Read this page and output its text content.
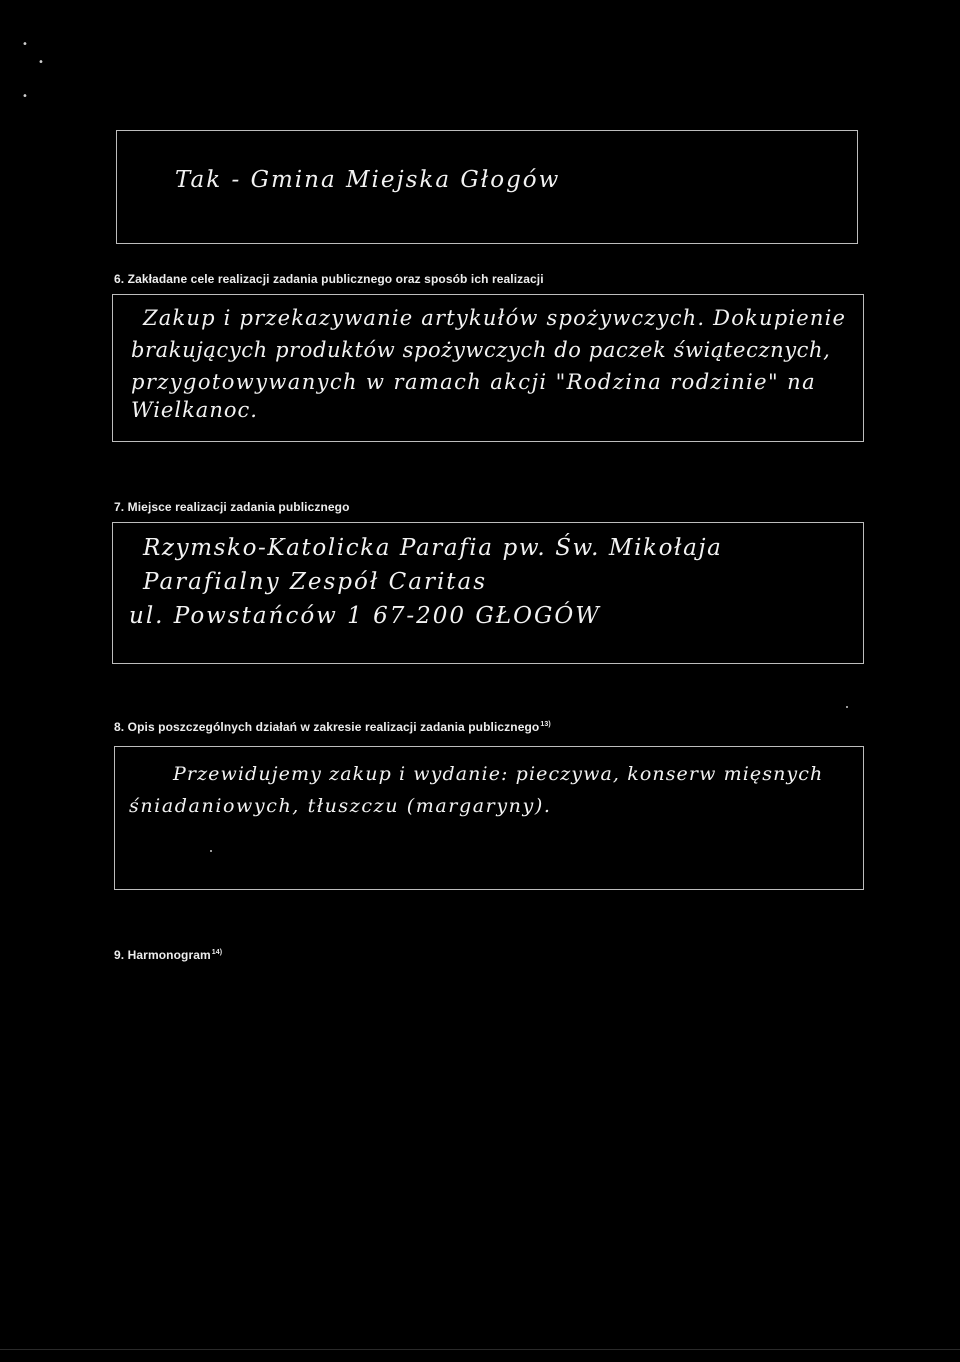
•
•
•
Tak - Gmina Miejska Głogów
6. Zakładane cele realizacji zadania publicznego oraz sposób ich realizacji
Zakup i przekazywanie artykułów spożywczych. Dokupienie
brakujących produktów spożywczych do paczek świątecznych,
przygotowywanych w ramach akcji "Rodzina rodzinie" na
Wielkanoc.
7. Miejsce realizacji zadania publicznego
Rzymsko-Katolicka Parafia pw. Św. Mikołaja
Parafialny Zespół Caritas
ul. Powstańców 1 67-200 GŁOGÓW
8. Opis poszczególnych działań w zakresie realizacji zadania publicznego$^{13)}$
Przewidujemy zakup i wydanie: pieczywa, konserw mięsnych
śniadaniowych, tłuszczu (margaryny).
9. Harmonogram$^{14)}$
